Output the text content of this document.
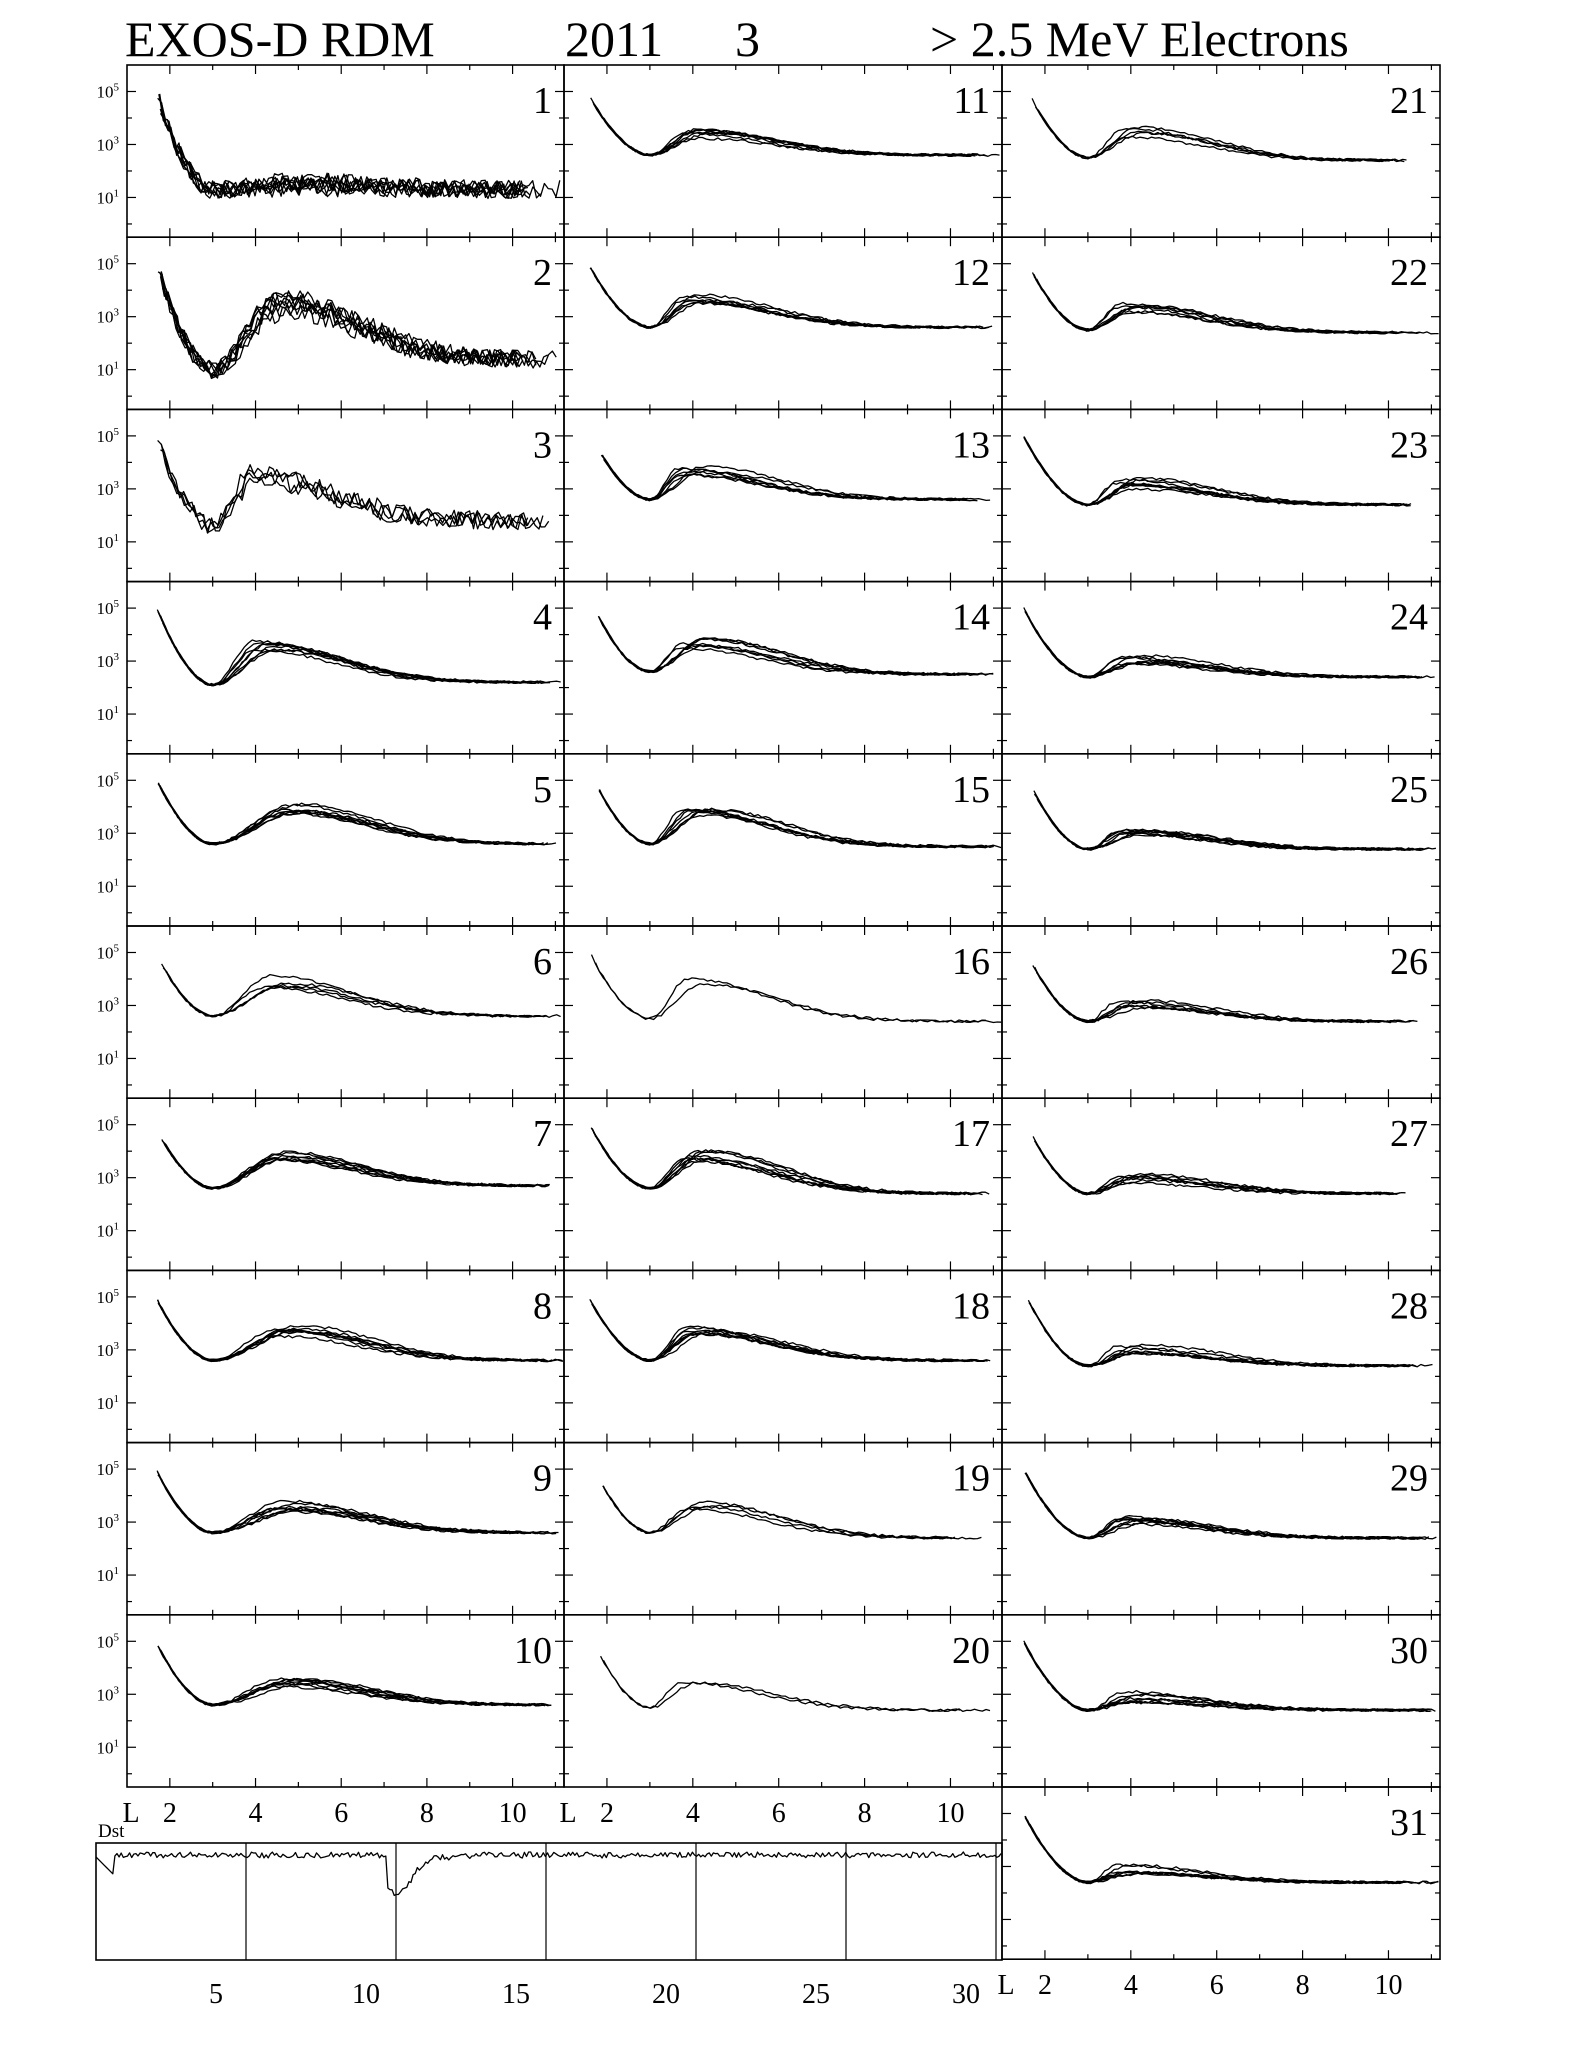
EXOS-D RDM	2011 3	> 2.5 MeV Electrons
$10^5$
$10^3$
$10^1$
1
$10^5$
$10^3$
$10^1$
2
$10^5$
$10^3$
$10^1$
3
$10^5$
$10^3$
$10^1$
4
$10^5$
$10^3$
$10^1$
5
$10^5$
$10^3$
$10^1$
6
$10^5$
$10^3$
$10^1$
7
$10^5$
$10^3$
$10^1$
8
$10^5$
$10^3$
$10^1$
9
$10^5$
$10^3$
$10^1$
10
11
12
13
14
15
16
17
18
19
20
21
22
23
24
25
26
27
28
29
30
31
L 2	4	6	8 10 L 2	4	6	8 10
L 2	4	6	8 10
Dst
5	10	15	20	25	30
